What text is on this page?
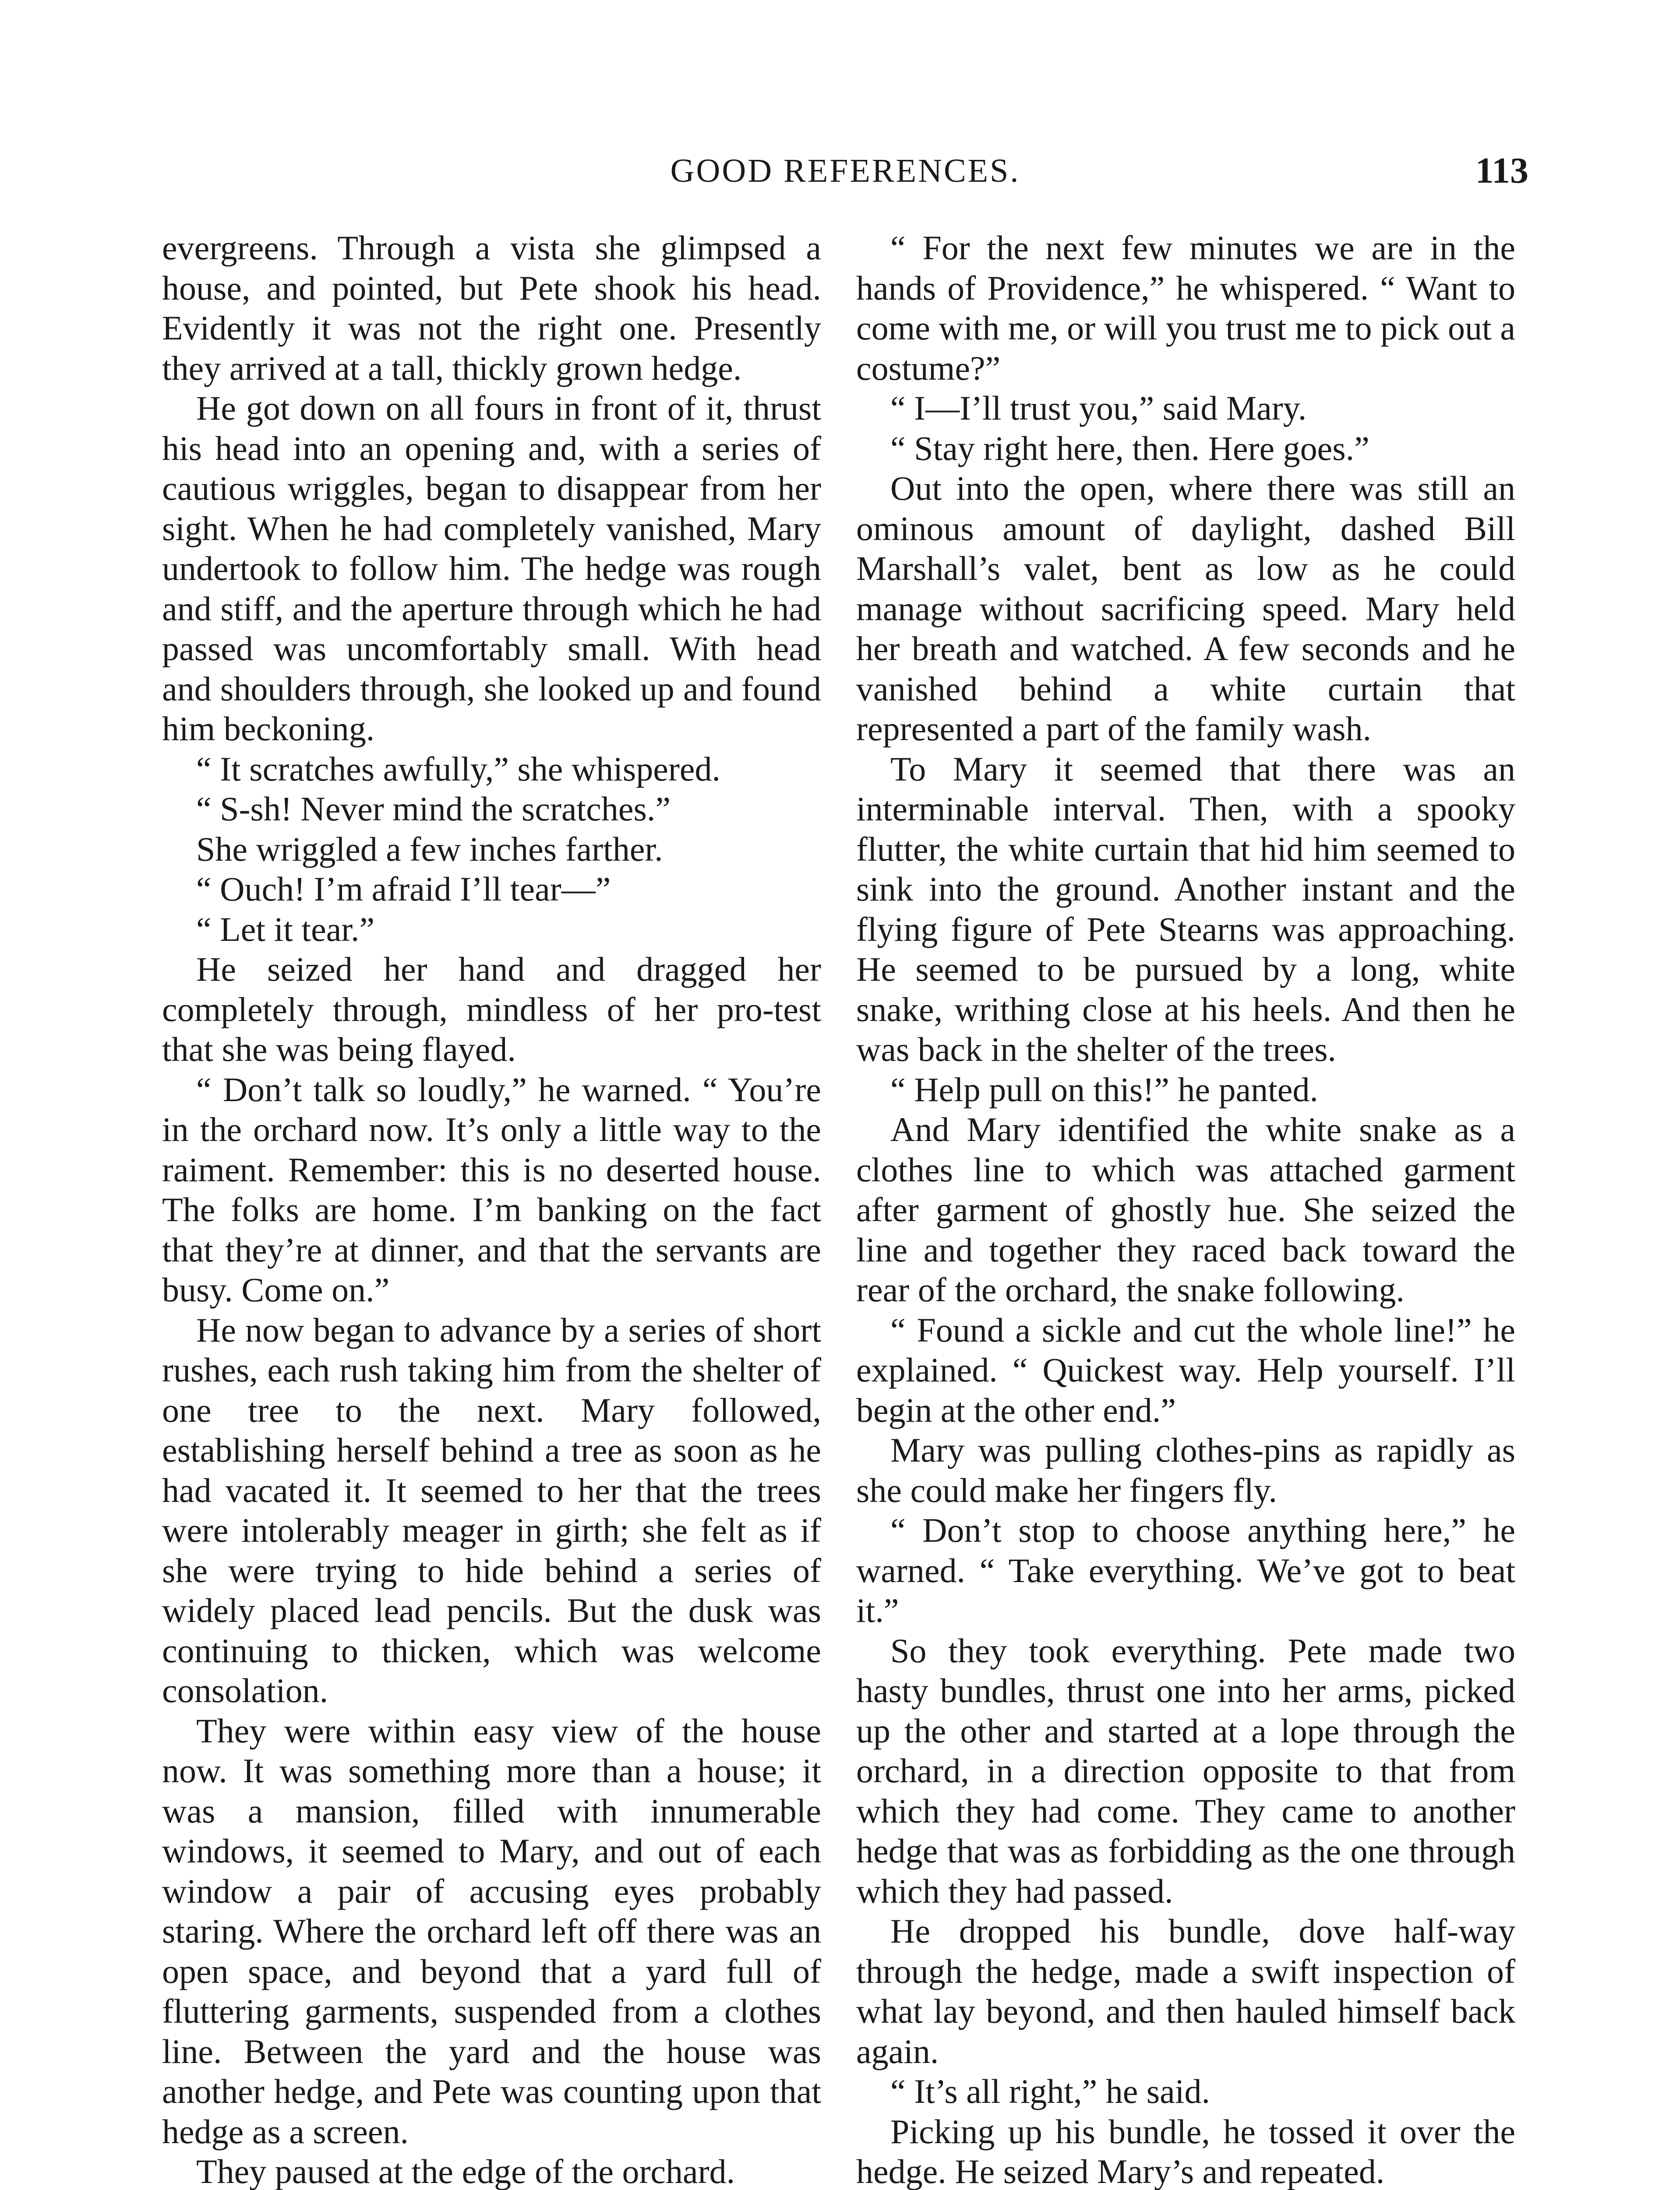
GOOD REFERENCES.	113

evergreens. Through a vista she glimpsed a house, and pointed, but Pete shook his head. Evidently it was not the right one. Presently they arrived at a tall, thickly grown hedge.

He got down on all fours in front of it, thrust his head into an opening and, with a series of cautious wriggles, began to disappear from her sight. When he had completely vanished, Mary undertook to follow him. The hedge was rough and stiff, and the aperture through which he had passed was uncomfortably small. With head and shoulders through, she looked up and found him beckoning.

“ It scratches awfully,” she whispered.

“ S-sh! Never mind the scratches.”

She wriggled a few inches farther.

“ Ouch! I’m afraid I’ll tear—”

“ Let it tear.”

He seized her hand and dragged her completely through, mindless of her pro-test that she was being flayed.

“ Don’t talk so loudly,” he warned. “ You’re in the orchard now. It’s only a little way to the raiment. Remember: this is no deserted house. The folks are home. I’m banking on the fact that they’re at dinner, and that the servants are busy. Come on.”

He now began to advance by a series of short rushes, each rush taking him from the shelter of one tree to the next. Mary followed, establishing herself behind a tree as soon as he had vacated it. It seemed to her that the trees were intolerably meager in girth; she felt as if she were trying to hide behind a series of widely placed lead pencils. But the dusk was continuing to thicken, which was welcome consolation.

They were within easy view of the house now. It was something more than a house; it was a mansion, filled with innumerable windows, it seemed to Mary, and out of each window a pair of accusing eyes probably staring. Where the orchard left off there was an open space, and beyond that a yard full of fluttering garments, suspended from a clothes line. Between the yard and the house was another hedge, and Pete was counting upon that hedge as a screen.

They paused at the edge of the orchard.

“ For the next few minutes we are in the hands of Providence,” he whispered. “ Want to come with me, or will you trust me to pick out a costume?”

“ I—I’ll trust you,” said Mary.

“ Stay right here, then. Here goes.”

Out into the open, where there was still an ominous amount of daylight, dashed Bill Marshall’s valet, bent as low as he could manage without sacrificing speed. Mary held her breath and watched. A few seconds and he vanished behind a white curtain that represented a part of the family wash.

To Mary it seemed that there was an interminable interval. Then, with a spooky flutter, the white curtain that hid him seemed to sink into the ground. Another instant and the flying figure of Pete Stearns was approaching. He seemed to be pursued by a long, white snake, writhing close at his heels. And then he was back in the shelter of the trees.

“ Help pull on this!” he panted.

And Mary identified the white snake as a clothes line to which was attached garment after garment of ghostly hue. She seized the line and together they raced back toward the rear of the orchard, the snake following.

“ Found a sickle and cut the whole line!” he explained. “ Quickest way. Help yourself. I’ll begin at the other end.”

Mary was pulling clothes-pins as rapidly as she could make her fingers fly.

“ Don’t stop to choose anything here,” he warned. “ Take everything. We’ve got to beat it.”

So they took everything. Pete made two hasty bundles, thrust one into her arms, picked up the other and started at a lope through the orchard, in a direction opposite to that from which they had come. They came to another hedge that was as forbidding as the one through which they had passed.

He dropped his bundle, dove half-way through the hedge, made a swift inspection of what lay beyond, and then hauled himself back again.

“ It’s all right,” he said.

Picking up his bundle, he tossed it over the hedge. He seized Mary’s and repeated.
